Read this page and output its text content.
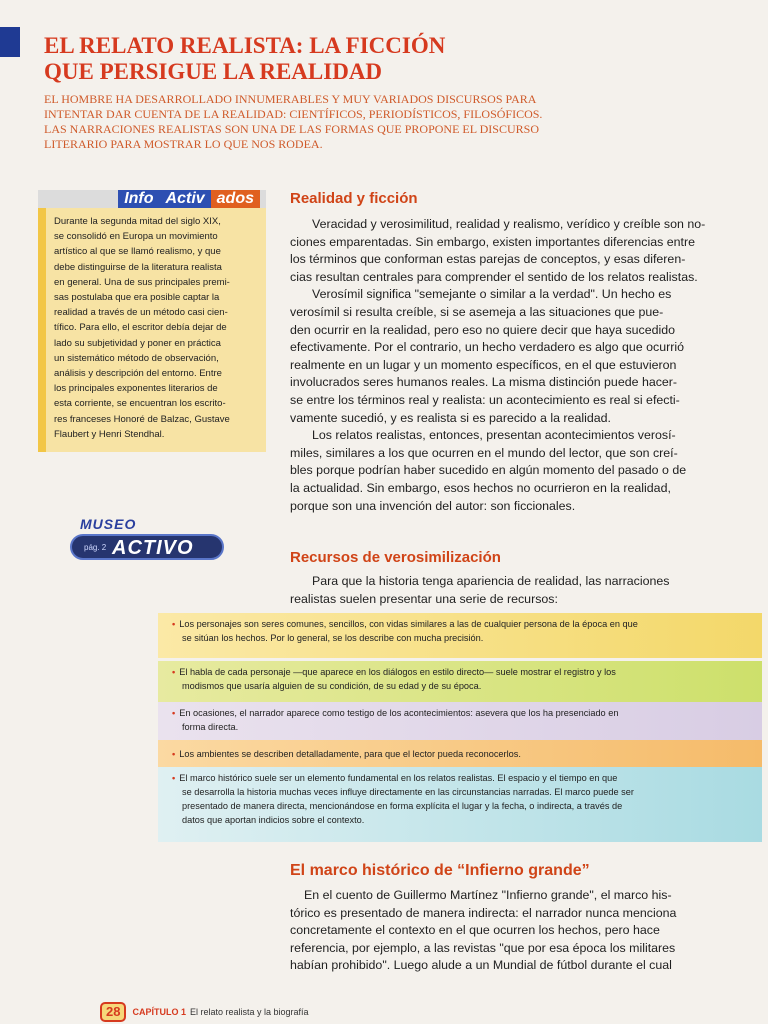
EL RELATO REALISTA: LA FICCIÓN
QUE PERSIGUE LA REALIDAD

EL HOMBRE HA DESARROLLADO INNUMERABLES Y MUY VARIADOS DISCURSOS PARA
INTENTAR DAR CUENTA DE LA REALIDAD: CIENTÍFICOS, PERIODÍSTICOS, FILOSÓFICOS.
LAS NARRACIONES REALISTAS SON UNA DE LAS FORMAS QUE PROPONE EL DISCURSO
LITERARIO PARA MOSTRAR LO QUE NOS RODEA.

Info Activ ados
Durante la segunda mitad del siglo XIX,
se consolidó en Europa un movimiento
artístico al que se llamó realismo, y que
debe distinguirse de la literatura realista
en general. Una de sus principales premi-
sas postulaba que era posible captar la
realidad a través de un método casi cien-
tífico. Para ello, el escritor debía dejar de
lado su subjetividad y poner en práctica
un sistemático método de observación,
análisis y descripción del entorno. Entre
los principales exponentes literarios de
esta corriente, se encuentran los escrito-
res franceses Honoré de Balzac, Gustave
Flaubert y Henri Stendhal.
MUSEO
pág. 2 ACTIVO
Realidad y ficción
Veracidad y verosimilitud, realidad y realismo, verídico y creíble son no-
ciones emparentadas. Sin embargo, existen importantes diferencias entre
los términos que conforman estas parejas de conceptos, y esas diferen-
cias resultan centrales para comprender el sentido de los relatos realistas.
Verosímil significa "semejante o similar a la verdad". Un hecho es
verosímil si resulta creíble, si se asemeja a las situaciones que pue-
den ocurrir en la realidad, pero eso no quiere decir que haya sucedido
efectivamente. Por el contrario, un hecho verdadero es algo que ocurrió
realmente en un lugar y un momento específicos, en el que estuvieron
involucrados seres humanos reales. La misma distinción puede hacer-
se entre los términos real y realista: un acontecimiento es real si efecti-
vamente sucedió, y es realista si es parecido a la realidad.
Los relatos realistas, entonces, presentan acontecimientos verosí-
miles, similares a los que ocurren en el mundo del lector, que son creí-
bles porque podrían haber sucedido en algún momento del pasado o de
la actualidad. Sin embargo, esos hechos no ocurrieron en la realidad,
porque son una invención del autor: son ficcionales.
Recursos de verosimilización
Para que la historia tenga apariencia de realidad, las narraciones
realistas suelen presentar una serie de recursos:
• Los personajes son seres comunes, sencillos, con vidas similares a las de cualquier persona de la época en que
se sitúan los hechos. Por lo general, se los describe con mucha precisión.
• El habla de cada personaje —que aparece en los diálogos en estilo directo— suele mostrar el registro y los
modismos que usaría alguien de su condición, de su edad y de su época.
• En ocasiones, el narrador aparece como testigo de los acontecimientos: asevera que los ha presenciado en
forma directa.
• Los ambientes se describen detalladamente, para que el lector pueda reconocerlos.
• El marco histórico suele ser un elemento fundamental en los relatos realistas. El espacio y el tiempo en que
se desarrolla la historia muchas veces influye directamente en las circunstancias narradas. El marco puede ser
presentado de manera directa, mencionándose en forma explícita el lugar y la fecha, o indirecta, a través de
datos que aportan indicios sobre el contexto.
El marco histórico de “Infierno grande”
En el cuento de Guillermo Martínez "Infierno grande", el marco his-
tórico es presentado de manera indirecta: el narrador nunca menciona
concretamente el contexto en el que ocurren los hechos, pero hace
referencia, por ejemplo, a las revistas "que por esa época los militares
habían prohibido". Luego alude a un Mundial de fútbol durante el cual
28	CAPÍTULO 1 El relato realista y la biografía
